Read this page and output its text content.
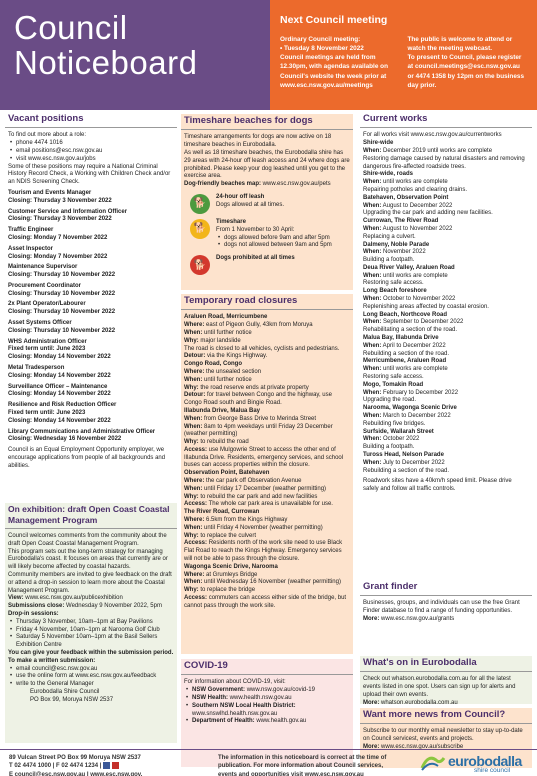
Council
Noticeboard
Next Council meeting
Ordinary Council meeting:
• Tuesday 8 November 2022
Council meetings are held from 12.30pm, with agendas available on Council's website the week prior at www.esc.nsw.gov.au/meetings
The public is welcome to attend or watch the meeting webcast.
To present to Council, please register at council.meetings@esc.nsw.gov.au or 4474 1358 by 12pm on the business day prior.
Vacant positions
To find out more about a role:
• phone 4474 1016
• email positions@esc.nsw.gov.au
• visit www.esc.nsw.gov.au/jobs
Some of these positions may require a National Criminal History Record Check, a Working with Children Check and/or an NDIS Screening Check.
Tourism and Events Manager
Closing: Thursday 3 November 2022
Customer Service and Information Officer
Closing: Thursday 3 November 2022
Traffic Engineer
Closing: Monday 7 November 2022
Asset Inspector
Closing: Monday 7 November 2022
Maintenance Supervisor
Closing: Thursday 10 November 2022
Procurement Coordinator
Closing: Thursday 10 November 2022
2x Plant Operator/Labourer
Closing: Thursday 10 November 2022
Asset Systems Officer
Closing: Thursday 10 November 2022
WHS Administration Officer
Fixed term until: June 2023
Closing: Monday 14 November 2022
Metal Tradesperson
Closing: Monday 14 November 2022
Surveillance Officer – Maintenance
Closing: Monday 14 November 2022
Resilience and Risk Reduction Officer
Fixed term until: June 2023
Closing: Monday 14 November 2022
Library Communications and Administrative Officer
Closing: Wednesday 16 November 2022
Council is an Equal Employment Opportunity employer, we encourage applications from people of all backgrounds and abilities.
On exhibition: draft Open Coast Coastal Management Program
Council welcomes comments from the community about the draft Open Coast Coastal Management Program.
This program sets out the long-term strategy for managing Eurobodalla's coast. It focuses on areas that currently are or will likely become affected by coastal hazards.
Community members are invited to give feedback on the draft or attend a drop-in session to learn more about the Coastal Management Program.
View: www.esc.nsw.gov.au/publicexhibition
Submissions close: Wednesday 9 November 2022, 5pm
Drop-in sessions:
• Thursday 3 November, 10am–1pm at Bay Pavilions
• Friday 4 November, 10am–1pm at Narooma Golf Club
• Saturday 5 November 10am–1pm at the Basil Sellers Exhibition Centre
You can give your feedback within the submission period. To make a written submission:
• email council@esc.nsw.gov.au
• use the online form at www.esc.nsw.gov.au/feedback
• write to the General Manager
Eurobodalla Shire Council
PO Box 99, Moruya NSW 2537
Timeshare beaches for dogs
Timeshare arrangements for dogs are now active on 18 timeshare beaches in Eurobodalla.
As well as 18 timeshare beaches, the Eurobodalla shire has 29 areas with 24-hour off leash access and 24 where dogs are prohibited. Please keep your dog leashed until you get to the exercise area.
Dog-friendly beaches map: www.esc.nsw.gov.au/pets
🐕
24-hour off leash
Dogs allowed at all times.
🐕
Timeshare
From 1 November to 30 April:
• dogs allowed before 9am and after 5pm
• dogs not allowed between 9am and 5pm
🐕
Dogs prohibited at all times
Temporary road closures
Araluen Road, Merricumbene
Where: east of Pigeon Gully, 43km from Moruya
When: until further notice
Why: major landslide
The road is closed to all vehicles, cyclists and pedestrians.
Detour: via the Kings Highway.
Congo Road, Congo
Where: the unsealed section
When: until further notice
Why: the road reserve ends at private property
Detour: for travel between Congo and the highway, use Congo Road south and Bingie Road.
Illabunda Drive, Malua Bay
When: from George Bass Drive to Merinda Street
When: 8am to 4pm weekdays until Friday 23 December (weather permitting)
Why: to rebuild the road
Access: use Mulgowrie Street to access the other end of Illabunda Drive. Residents, emergency services, and school buses can access properties within the closure.
Observation Point, Batehaven
Where: the car park off Observation Avenue
When: until Friday 17 December (weather permitting)
Why: to rebuild the car park and add new facilities
Access: The whole car park area is unavailable for use.
The River Road, Currowan
Where: 6.5km from the Kings Highway
When: until Friday 4 November (weather permitting)
Why: to replace the culvert
Access: Residents north of the work site need to use Black Flat Road to reach the Kings Highway. Emergency services will not be able to pass through the closure.
Wagonga Scenic Drive, Narooma
Where: at Grumleys Bridge
When: until Wednesday 16 November (weather permitting)
Why: to replace the bridge
Access: commuters can access either side of the bridge, but cannot pass through the work site.
COVID-19
For information about COVID-19, visit:
• NSW Government: www.nsw.gov.au/covid-19
• NSW Health: www.health.nsw.gov.au
• Southern NSW Local Health District: www.snswlhd.health.nsw.gov.au
• Department of Health: www.health.gov.au
Current works
For all works visit www.esc.nsw.gov.au/currentworks
Shire-wide
When: December 2019 until works are complete
Restoring damage caused by natural disasters and removing dangerous fire-affected roadside trees.
Shire-wide, roads
When: until works are complete
Repairing potholes and clearing drains.
Batehaven, Observation Point
When: August to December 2022
Upgrading the car park and adding new facilities.
Currowan, The River Road
When: August to November 2022
Replacing a culvert.
Dalmeny, Noble Parade
When: November 2022
Building a footpath.
Deua River Valley, Araluen Road
When: until works are complete
Restoring safe access.
Long Beach foreshore
When: October to November 2022
Replenishing areas affected by coastal erosion.
Long Beach, Northcove Road
When: September to December 2022
Rehabilitating a section of the road.
Malua Bay, Illabunda Drive
When: April to December 2022
Rebuilding a section of the road.
Merricumbene, Araluen Road
When: until works are complete
Restoring safe access.
Mogo, Tomakin Road
When: February to December 2022
Upgrading the road.
Narooma, Wagonga Scenic Drive
When: March to December 2022
Rebuilding five bridges.
Surfside, Wallarah Street
When: October 2022
Building a footpath.
Tuross Head, Nelson Parade
When: July to December 2022
Rebuilding a section of the road.
Roadwork sites have a 40km/h speed limit. Please drive safely and follow all traffic controls.
Grant finder
Businesses, groups, and individuals can use the free Grant Finder database to find a range of funding opportunities.
More: www.esc.nsw.gov.au/grants
What's on in Eurobodalla
Check out whatson.eurobodalla.com.au for all the latest events listed in one spot. Users can sign up for alerts and upload their own events.
More: whatson.eurobodalla.com.au
Want more news from Council?
Subscribe to our monthly email newsletter to stay up-to-date on Council servicest, events and projects.
More: www.esc.nsw.gov.au/subscribe
89 Vulcan Street PO Box 99 Moruya NSW 2537
T 02 4474 1000 | F 02 4474 1234 |
E council@esc.nsw.gov.au I www.esc.nsw.gov.
The information in this noticeboard is correct at the time of publication. For more information about Council services, events and opportunities visit www.esc.nsw.gov.au
eurobodalla
shire council
